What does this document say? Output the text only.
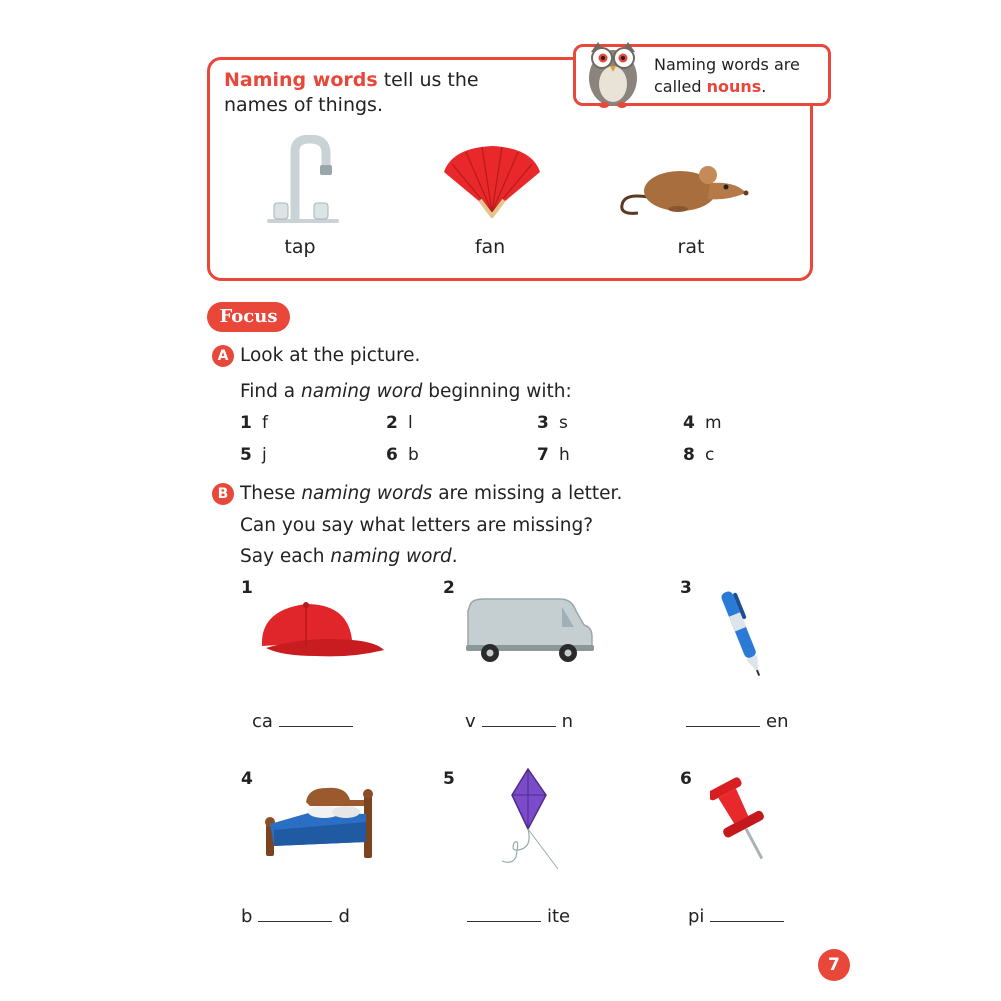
Naming words tell us the
names of things.
Naming words are
called nouns.
tap	fan	rat
Focus
A Look at the picture.
Find a naming word beginning with:
1 f	2 l	3 s	4 m
5 j	6 b	7 h	8 c
B These naming words are missing a letter.
Can you say what letters are missing?
Say each naming word.
1
ca
2
v	n
3
en
4
b	d
5
ite
6
pi
7
